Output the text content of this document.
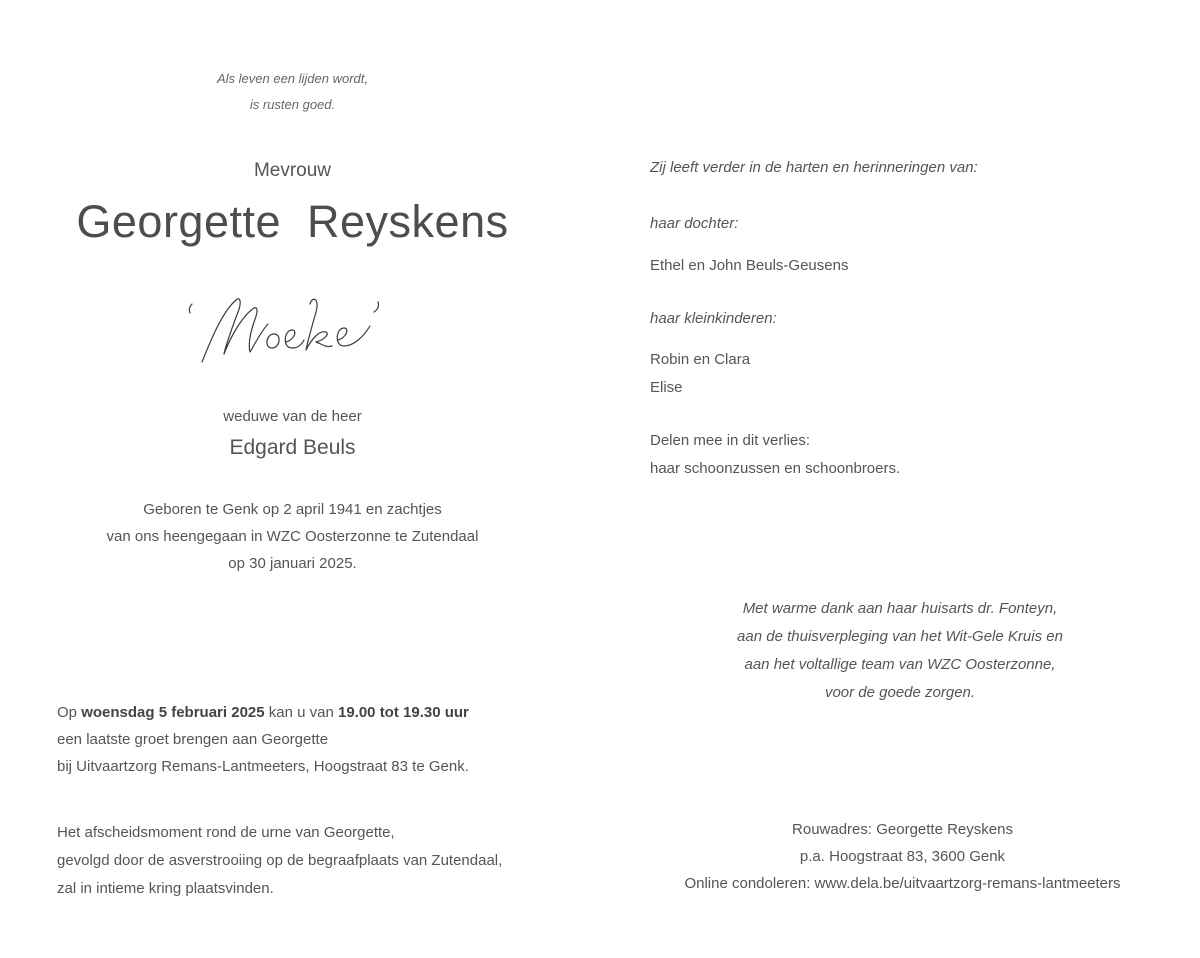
Als leven een lijden wordt,
is rusten goed.
Mevrouw
Georgette  Reyskens
weduwe van de heer
Edgard Beuls
Geboren te Genk op 2 april 1941 en zachtjes
van ons heengegaan in WZC Oosterzonne te Zutendaal
op 30 januari 2025.
Op woensdag 5 februari 2025 kan u van 19.00 tot 19.30 uur
een laatste groet brengen aan Georgette
bij Uitvaartzorg Remans-Lantmeeters, Hoogstraat 83 te Genk.
Het afscheidsmoment rond de urne van Georgette,
gevolgd door de asverstrooiing op de begraafplaats van Zutendaal,
zal in intieme kring plaatsvinden.
Zij leeft verder in de harten en herinneringen van:
haar dochter:
Ethel en John Beuls-Geusens
haar kleinkinderen:
Robin en Clara
Elise
Delen mee in dit verlies:
haar schoonzussen en schoonbroers.
Met warme dank aan haar huisarts dr. Fonteyn,
aan de thuisverpleging van het Wit-Gele Kruis en
aan het voltallige team van WZC Oosterzonne,
voor de goede zorgen.
Rouwadres: Georgette Reyskens
p.a. Hoogstraat 83, 3600 Genk
Online condoleren: www.dela.be/uitvaartzorg-remans-lantmeeters
